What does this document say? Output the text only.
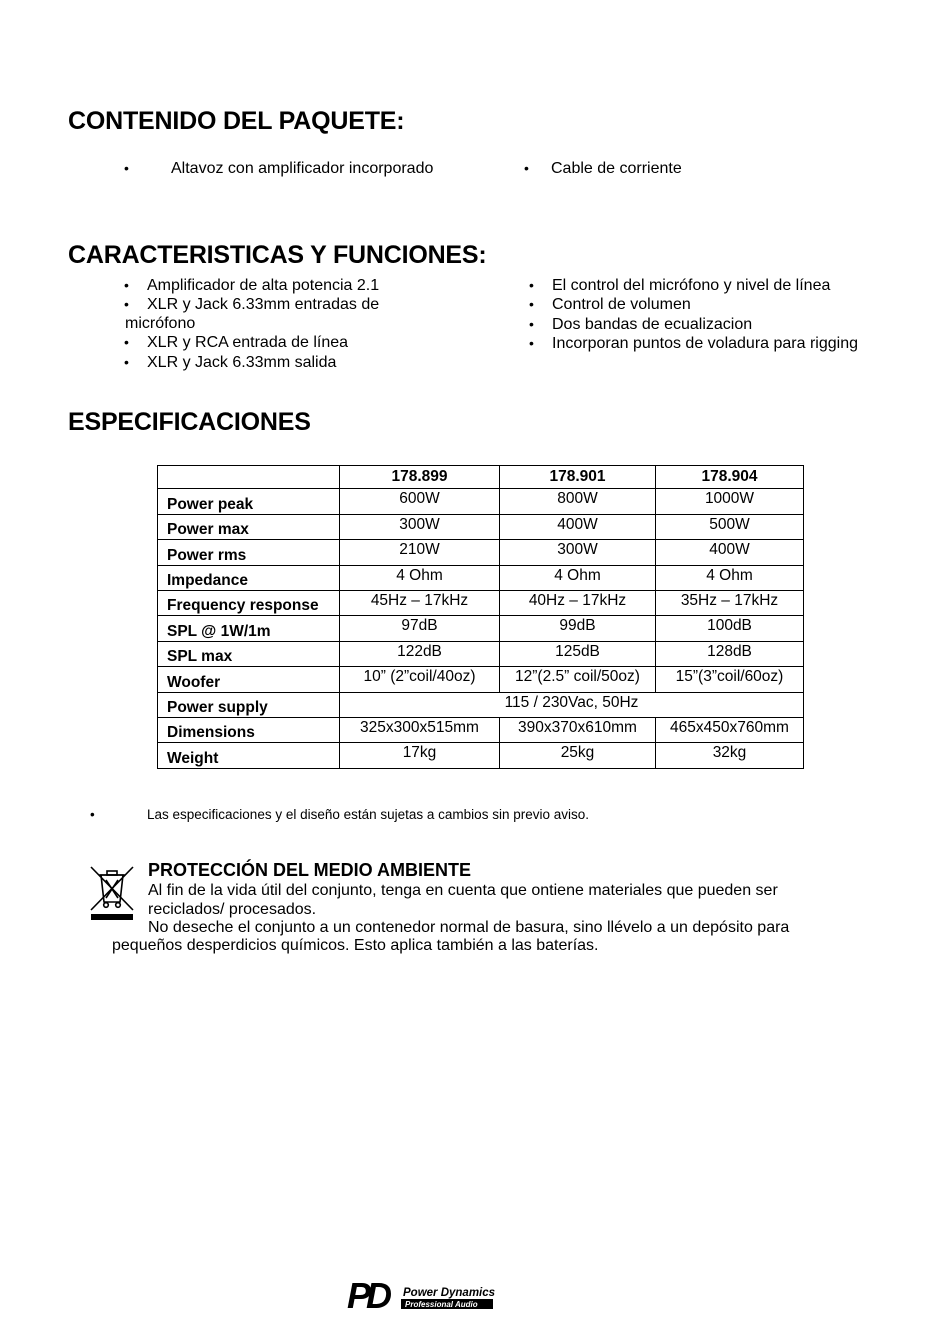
CONTENIDO DEL PAQUETE:
•	Altavoz con amplificador incorporado	• Cable de corriente
CARACTERISTICAS Y FUNCIONES:
• Amplificador de alta potencia 2.1
• XLR y Jack 6.33mm entradas de
micrófono
• XLR y RCA entrada de línea
• XLR y Jack 6.33mm salida
• El control del micrófono y nivel de línea
• Control de volumen
• Dos bandas de ecualizacion
• Incorporan puntos de voladura para rigging
ESPECIFICACIONES
	178.899	178.901	178.904
Power peak	600W	800W	1000W
Power max	300W	400W	500W
Power rms	210W	300W	400W
Impedance	4 Ohm	4 Ohm	4 Ohm
Frequency response	45Hz – 17kHz	40Hz – 17kHz	35Hz – 17kHz
SPL @ 1W/1m	97dB	99dB	100dB
SPL max	122dB	125dB	128dB
Woofer	10” (2”coil/40oz)	12”(2.5” coil/50oz)	15”(3”coil/60oz)
Power supply	115 / 230Vac, 50Hz		
Dimensions	325x300x515mm	390x370x610mm	465x450x760mm
Weight	17kg	25kg	32kg
•	Las especificaciones y el diseño están sujetas a cambios sin previo aviso.
PROTECCIÓN DEL MEDIO AMBIENTE
Al fin de la vida útil del conjunto, tenga en cuenta que ontiene materiales que pueden ser
reciclados/ procesados.
No deseche el conjunto a un contenedor normal de basura, sino llévelo a un depósito para
pequeños desperdicios químicos. Esto aplica también a las baterías.
PD	Power Dynamics
Professional Audio
